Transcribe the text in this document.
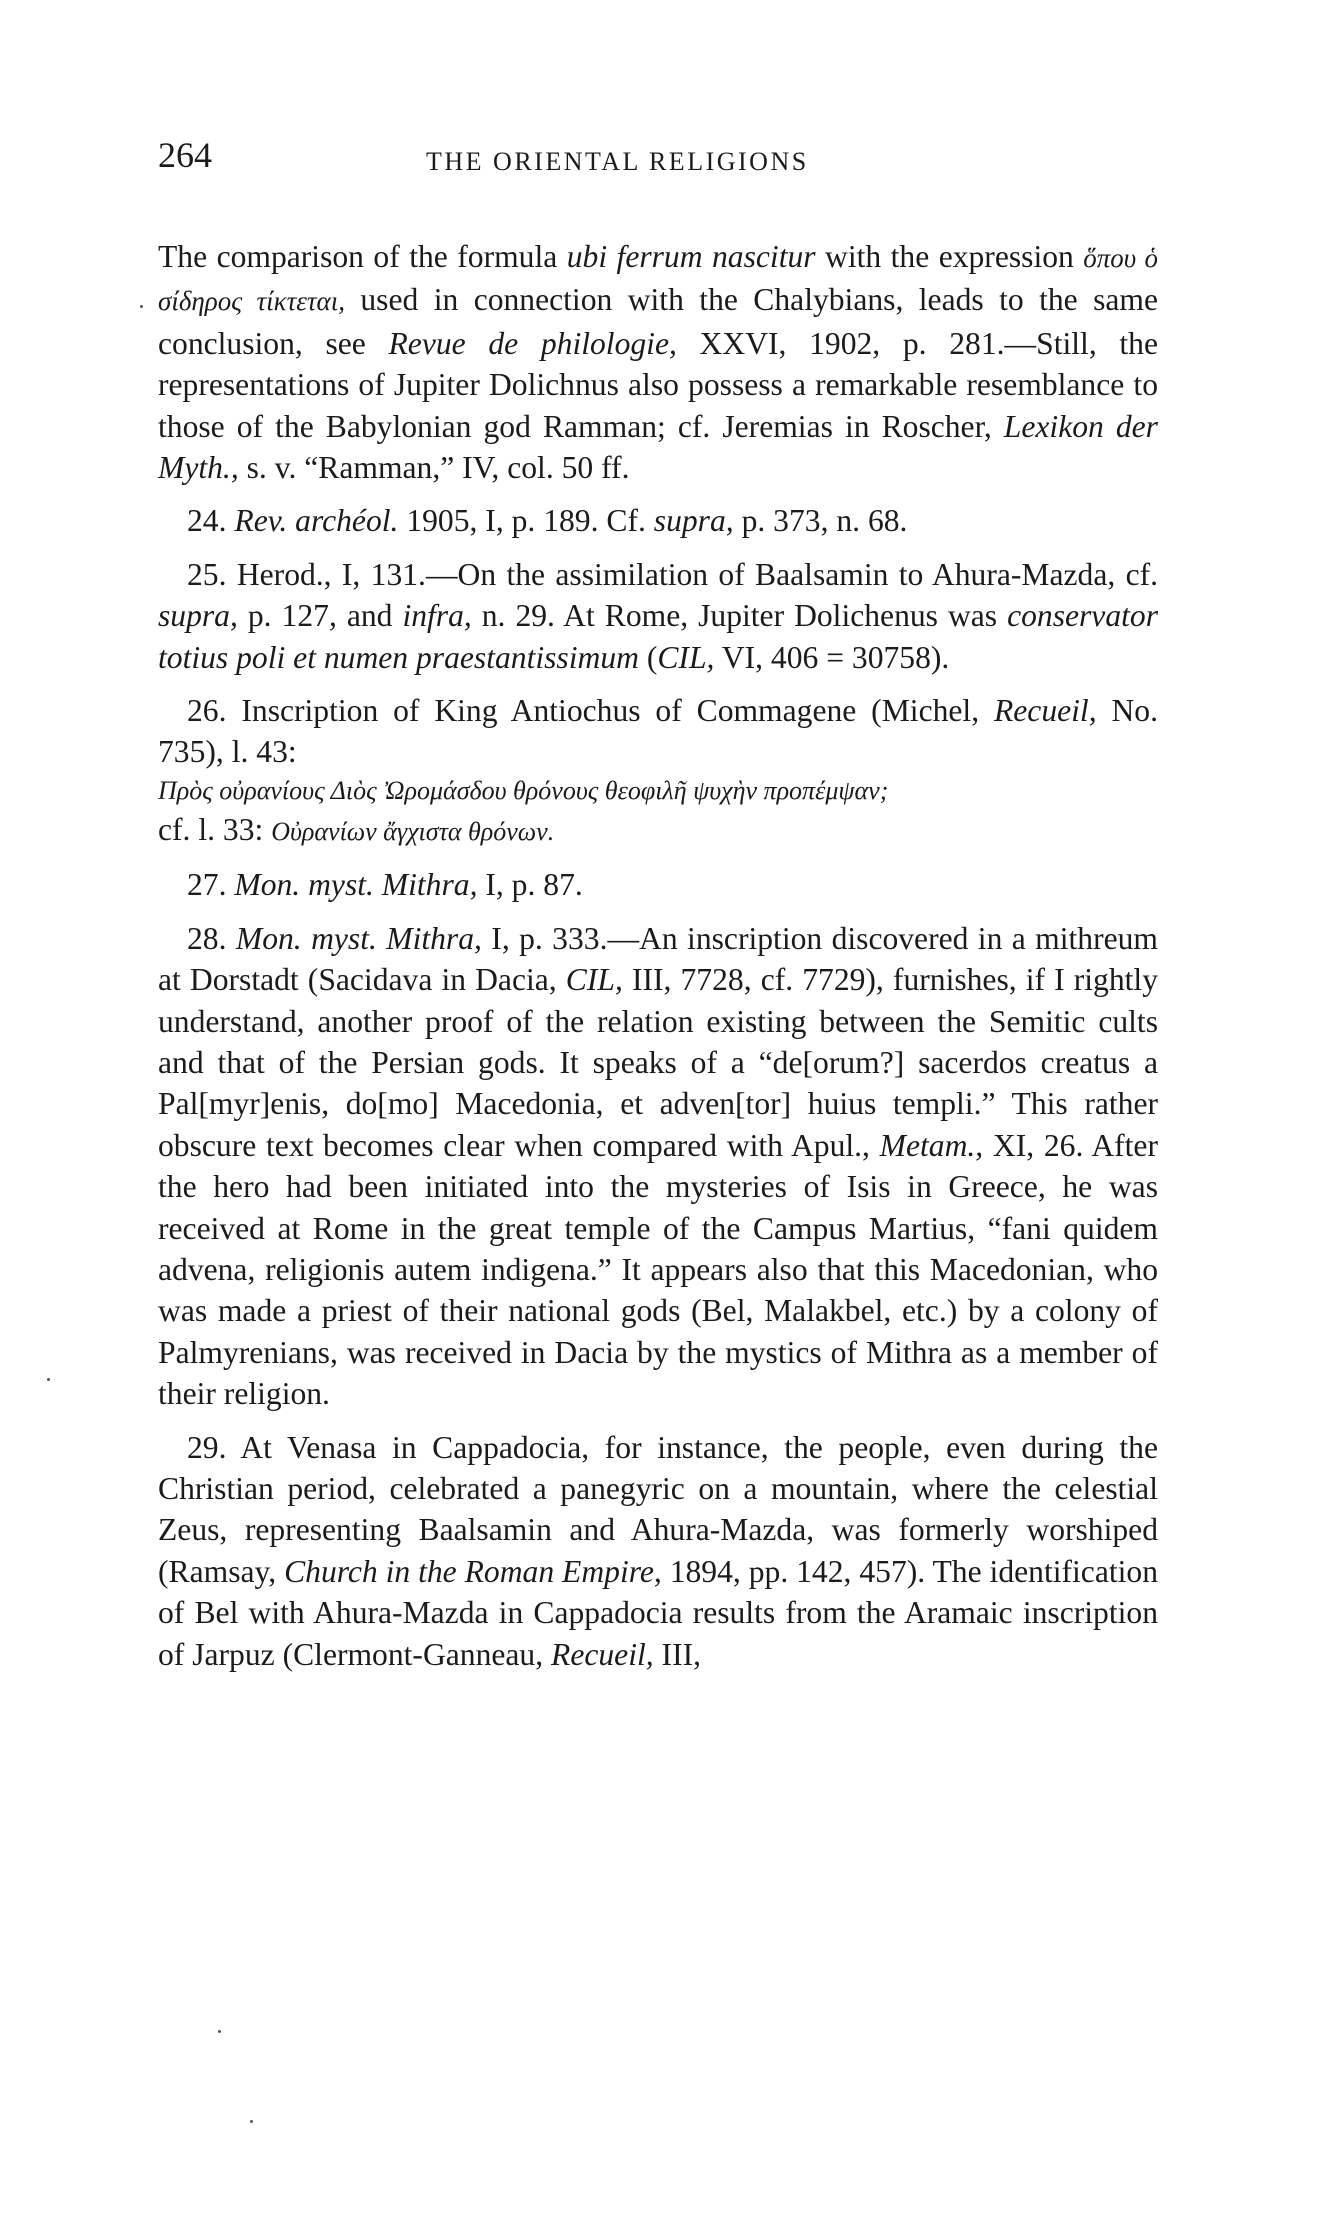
264	THE ORIENTAL RELIGIONS

The comparison of the formula ubi ferrum nascitur with the expression ὅπου ὁ σίδηρος τίκτεται, used in connection with the Chalybians, leads to the same conclusion, see Revue de philologie, XXVI, 1902, p. 281.—Still, the representations of Jupiter Dolichnus also possess a remarkable resemblance to those of the Babylonian god Ramman; cf. Jeremias in Roscher, Lexikon der Myth., s. v. “Ramman,” IV, col. 50 ff.

24. Rev. archéol. 1905, I, p. 189. Cf. supra, p. 373, n. 68.

25. Herod., I, 131.—On the assimilation of Baalsamin to Ahura-Mazda, cf. supra, p. 127, and infra, n. 29. At Rome, Jupiter Dolichenus was conservator totius poli et numen praestantissimum (CIL, VI, 406 = 30758).

26. Inscription of King Antiochus of Commagene (Michel, Recueil, No. 735), l. 43:

Πρὸς οὐρανίους Διὸς Ὠρομάσδου θρόνους θεοφιλῆ ψυχὴν προπέμψαν;

cf. l. 33: Οὐρανίων ἄγχιστα θρόνων.

27. Mon. myst. Mithra, I, p. 87.

28. Mon. myst. Mithra, I, p. 333.—An inscription discovered in a mithreum at Dorstadt (Sacidava in Dacia, CIL, III, 7728, cf. 7729), furnishes, if I rightly understand, another proof of the relation existing between the Semitic cults and that of the Persian gods. It speaks of a “de[orum?] sacerdos creatus a Pal[myr]enis, do[mo] Macedonia, et adven[tor] huius templi.” This rather obscure text becomes clear when compared with Apul., Metam., XI, 26. After the hero had been initiated into the mysteries of Isis in Greece, he was received at Rome in the great temple of the Campus Martius, “fani quidem advena, religionis autem indigena.” It appears also that this Macedonian, who was made a priest of their national gods (Bel, Malakbel, etc.) by a colony of Palmyrenians, was received in Dacia by the mystics of Mithra as a member of their religion.

29. At Venasa in Cappadocia, for instance, the people, even during the Christian period, celebrated a panegyric on a mountain, where the celestial Zeus, representing Baalsamin and Ahura-Mazda, was formerly worshiped (Ramsay, Church in the Roman Empire, 1894, pp. 142, 457). The identification of Bel with Ahura-Mazda in Cappadocia results from the Aramaic inscription of Jarpuz (Clermont-Ganneau, Recueil, III,
